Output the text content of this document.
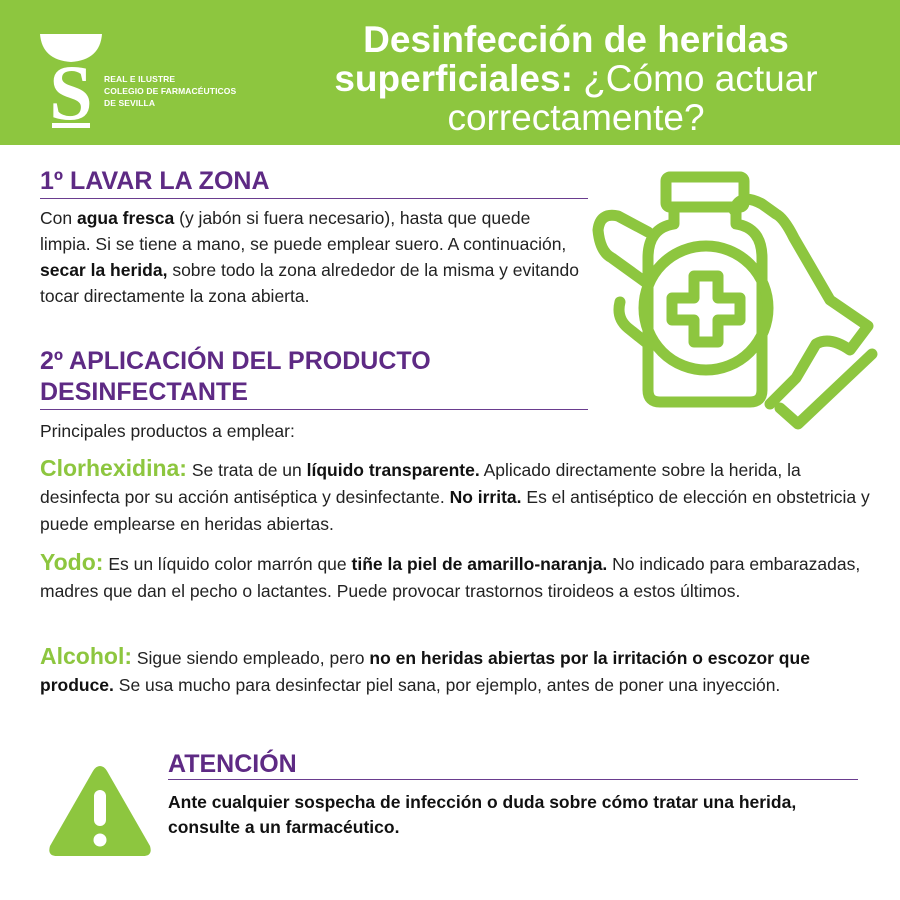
S REAL E ILUSTRE
COLEGIO DE FARMACÉUTICOS
DE SEVILLA
Desinfección de heridas
superficiales: ¿Cómo actuar
correctamente?
1º LAVAR LA ZONA
Con agua fresca (y jabón si fuera necesario), hasta que quede limpia. Si se tiene a mano, se puede emplear suero. A continuación, secar la herida, sobre todo la zona alrededor de la misma y evitando tocar directamente la zona abierta.
2º APLICACIÓN DEL PRODUCTO
DESINFECTANTE
Principales productos a emplear:
Clorhexidina: Se trata de un líquido transparente. Aplicado directamente sobre la herida, la desinfecta por su acción antiséptica y desinfectante. No irrita. Es el antiséptico de elección en obstetricia y puede emplearse en heridas abiertas.
Yodo: Es un líquido color marrón que tiñe la piel de amarillo-naranja. No indicado para embarazadas, madres que dan el pecho o lactantes. Puede provocar trastornos tiroideos a estos últimos.
Alcohol: Sigue siendo empleado, pero no en heridas abiertas por la irritación o escozor que produce. Se usa mucho para desinfectar piel sana, por ejemplo, antes de poner una inyección.
ATENCIÓN
Ante cualquier sospecha de infección o duda sobre cómo tratar una herida, consulte a un farmacéutico.
